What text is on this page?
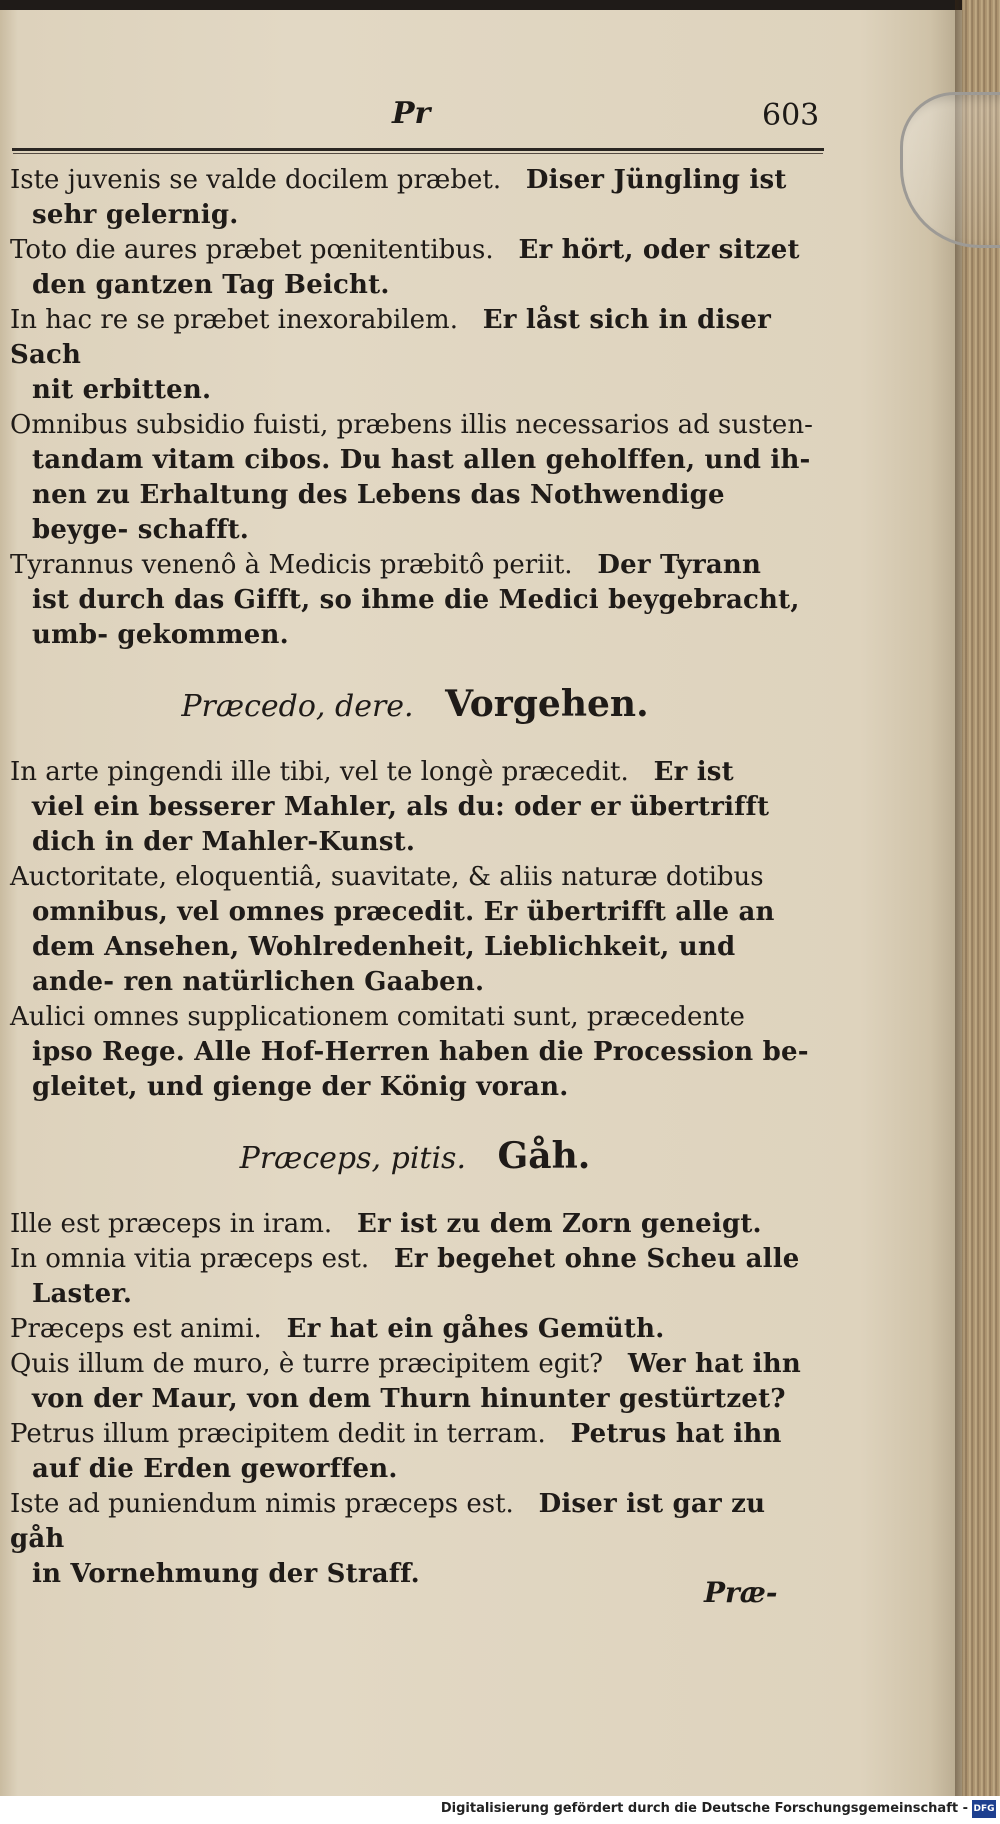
Pr	603
Iste juvenis se valde docilem præbet. Diser Jüngling ist
sehr gelernig.
Toto die aures præbet pœnitentibus. Er hört, oder sitzet
den gantzen Tag Beicht.
In hac re se præbet inexorabilem. Er låst sich in diser Sach
nit erbitten.
Omnibus subsidio fuisti, præbens illis necessarios ad susten-
tandam vitam cibos. Du hast allen geholffen, und ih- nen zu Erhaltung des Lebens das Nothwendige beyge- schafft.
Tyrannus venenô à Medicis præbitô periit. Der Tyrann
ist durch das Gifft, so ihme die Medici beygebracht, umb- gekommen.
Præcedo, dere. Vorgehen.
In arte pingendi ille tibi, vel te longè præcedit. Er ist
viel ein besserer Mahler, als du: oder er übertrifft dich in der Mahler-Kunst.
Auctoritate, eloquentiâ, suavitate, & aliis naturæ dotibus
omnibus, vel omnes præcedit. Er übertrifft alle an dem Ansehen, Wohlredenheit, Lieblichkeit, und ande- ren natürlichen Gaaben.
Aulici omnes supplicationem comitati sunt, præcedente
ipso Rege. Alle Hof-Herren haben die Procession be- gleitet, und gienge der König voran.
Præceps, pitis. Gåh.
Ille est præceps in iram. Er ist zu dem Zorn geneigt.
In omnia vitia præceps est. Er begehet ohne Scheu alle
Laster.
Præceps est animi. Er hat ein gåhes Gemüth.
Quis illum de muro, è turre præcipitem egit? Wer hat ihn
von der Maur, von dem Thurn hinunter gestürtzet?
Petrus illum præcipitem dedit in terram. Petrus hat ihn
auf die Erden geworffen.
Iste ad puniendum nimis præceps est. Diser ist gar zu gåh
in Vornehmung der Straff.
Præ-
Digitalisierung gefördert durch die Deutsche Forschungsgemeinschaft - DFG
